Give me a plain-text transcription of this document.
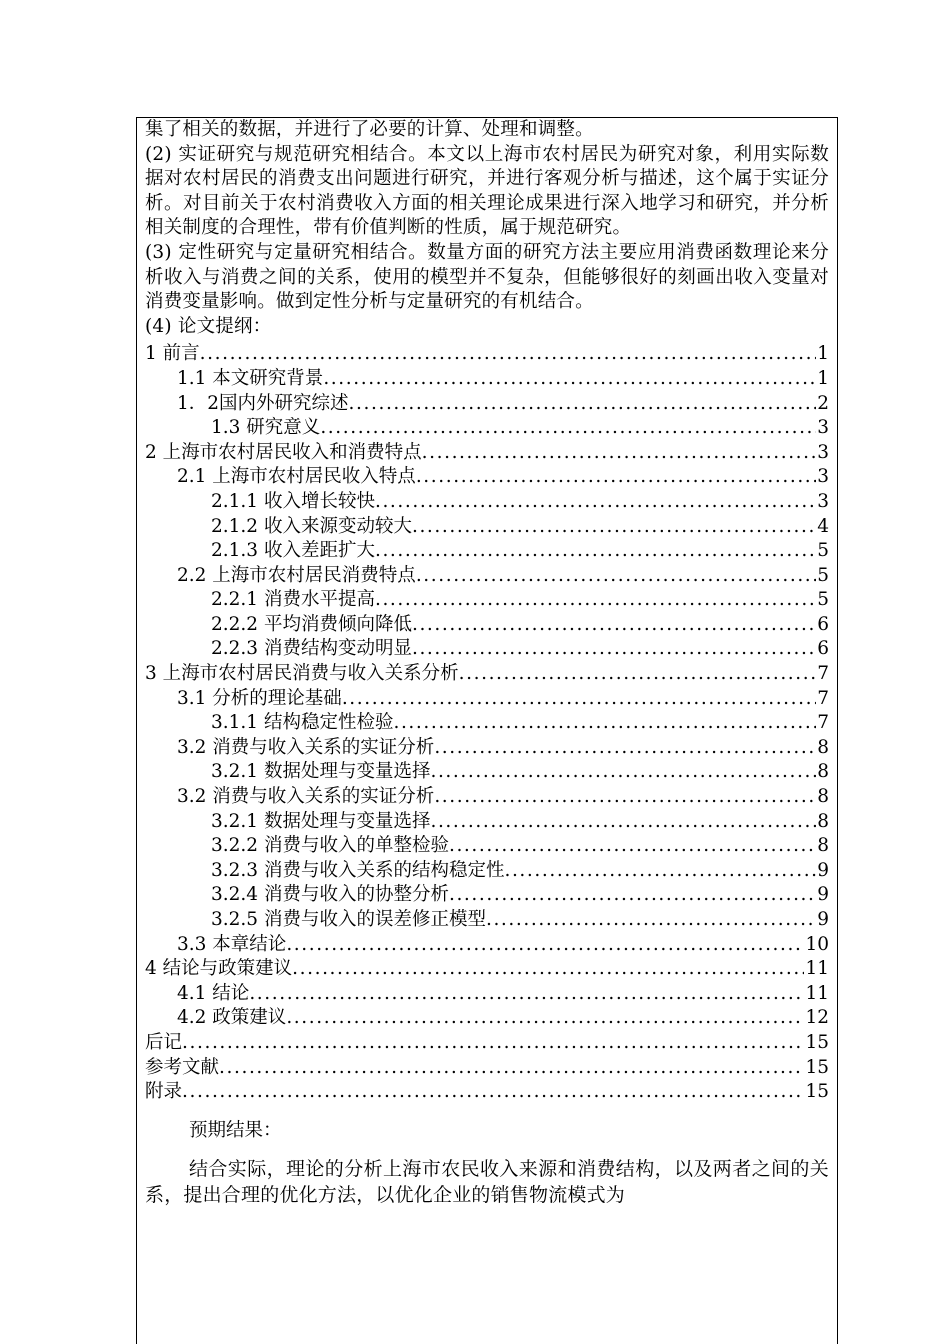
集了相关的数据，并进行了必要的计算、处理和调整。

(2) 实证研究与规范研究相结合。本文以上海市农村居民为研究对象，利用实际数据对农村居民的消费支出问题进行研究，并进行客观分析与描述，这个属于实证分析。对目前关于农村消费收入方面的相关理论成果进行深入地学习和研究，并分析相关制度的合理性，带有价值判断的性质，属于规范研究。

(3) 定性研究与定量研究相结合。数量方面的研究方法主要应用消费函数理论来分析收入与消费之间的关系，使用的模型并不复杂，但能够很好的刻画出收入变量对消费变量影响。做到定性分析与定量研究的有机结合。

(4) 论文提纲：

1 前言 .....	1
1.1 本文研究背景 .....	1
1．2国内外研究综述 .....	2
1.3 研究意义 .....	3
2 上海市农村居民收入和消费特点 .....	3
2.1 上海市农村居民收入特点 .....	3
2.1.1 收入增长较快 .....	3
2.1.2 收入来源变动较大 .....	4
2.1.3 收入差距扩大 .....	5
2.2 上海市农村居民消费特点 .....	5
2.2.1 消费水平提高 .....	5
2.2.2 平均消费倾向降低 .....	6
2.2.3 消费结构变动明显 .....	6
3 上海市农村居民消费与收入关系分析 .....	7
3.1 分析的理论基础 .....	7
3.1.1 结构稳定性检验 .....	7
3.2 消费与收入关系的实证分析 .....	8
3.2.1 数据处理与变量选择 .....	8
3.2 消费与收入关系的实证分析 .....	8
3.2.1 数据处理与变量选择 .....	8
3.2.2 消费与收入的单整检验 .....	8
3.2.3 消费与收入关系的结构稳定性 .....	9
3.2.4 消费与收入的协整分析 .....	9
3.2.5 消费与收入的误差修正模型 .....	9
3.3 本章结论 .....	10
4 结论与政策建议 .....	11
4.1 结论 .....	11
4.2 政策建议 .....	12
后记 .....	15
参考文献 .....	15
附录 .....	15

预期结果：

结合实际，理论的分析上海市农民收入来源和消费结构，以及两者之间的关系，提出合理的优化方法，以优化企业的销售物流模式为
